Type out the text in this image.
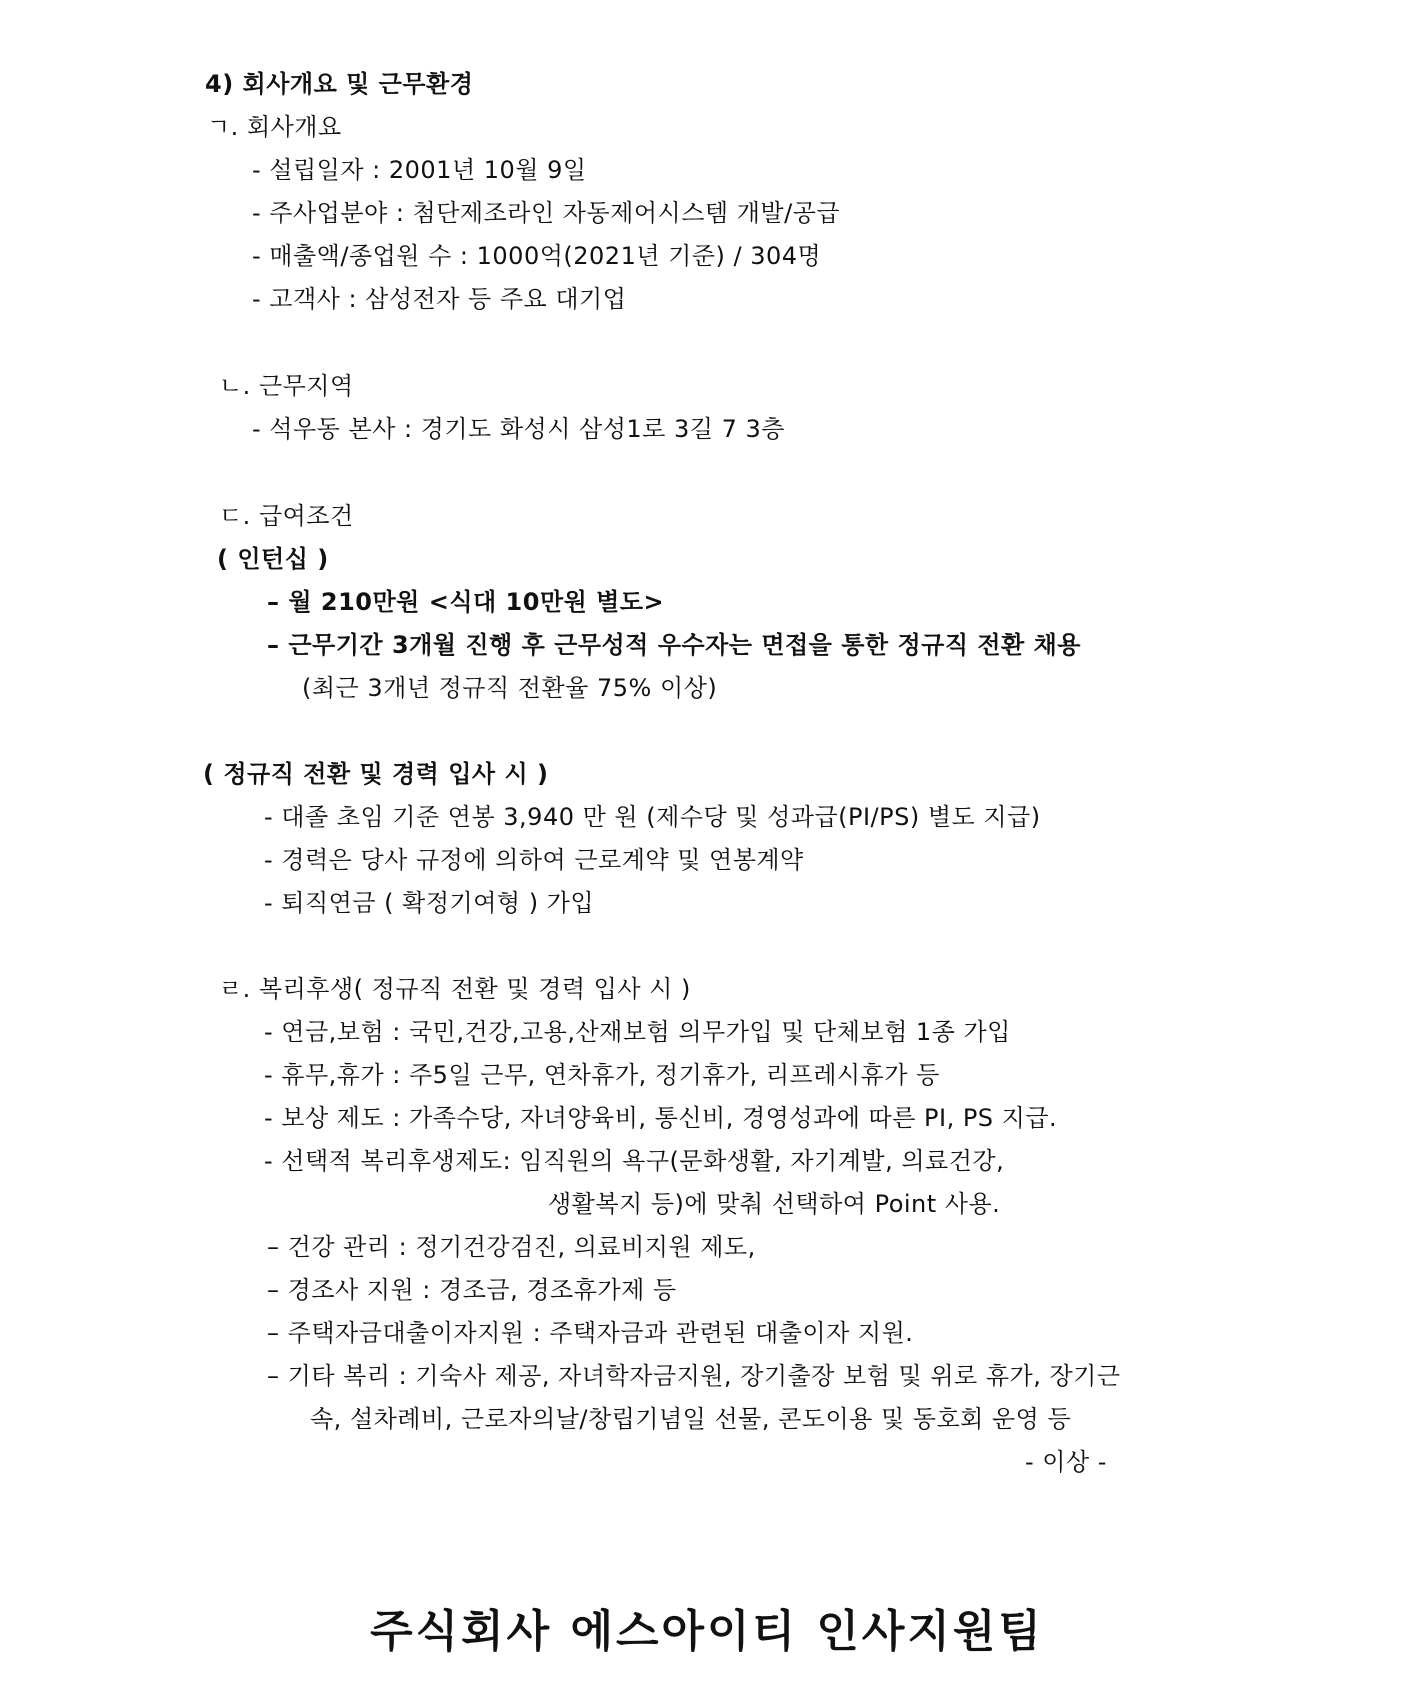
4) 회사개요 및 근무환경
ㄱ. 회사개요
- 설립일자 : 2001년 10월 9일
- 주사업분야 : 첨단제조라인 자동제어시스템 개발/공급
- 매출액/종업원 수 : 1000억(2021년 기준) / 304명
- 고객사 : 삼성전자 등 주요 대기업
ㄴ. 근무지역
- 석우동 본사 : 경기도 화성시 삼성1로 3길 7 3층
ㄷ. 급여조건
( 인턴십 )
– 월 210만원 <식대 10만원 별도>
– 근무기간 3개월 진행 후 근무성적 우수자는 면접을 통한 정규직 전환 채용
(최근 3개년 정규직 전환율 75% 이상)
( 정규직 전환 및 경력 입사 시 )
- 대졸 초임 기준 연봉 3,940 만 원 (제수당 및 성과급(PI/PS) 별도 지급)
- 경력은 당사 규정에 의하여 근로계약 및 연봉계약
- 퇴직연금 ( 확정기여형 ) 가입
ㄹ. 복리후생( 정규직 전환 및 경력 입사 시 )
- 연금,보험 : 국민,건강,고용,산재보험 의무가입 및 단체보험 1종 가입
- 휴무,휴가 : 주5일 근무, 연차휴가, 정기휴가, 리프레시휴가 등
- 보상 제도 : 가족수당, 자녀양육비, 통신비, 경영성과에 따른 PI, PS 지급.
- 선택적 복리후생제도: 임직원의 욕구(문화생활, 자기계발, 의료건강,
생활복지 등)에 맞춰 선택하여 Point 사용.
– 건강 관리 : 정기건강검진, 의료비지원 제도,
– 경조사 지원 : 경조금, 경조휴가제 등
– 주택자금대출이자지원 : 주택자금과 관련된 대출이자 지원.
– 기타 복리 : 기숙사 제공, 자녀학자금지원, 장기출장 보험 및 위로 휴가, 장기근
속, 설차례비, 근로자의날/창립기념일 선물, 콘도이용 및 동호회 운영 등
- 이상 -
주식회사 에스아이티 인사지원팀
